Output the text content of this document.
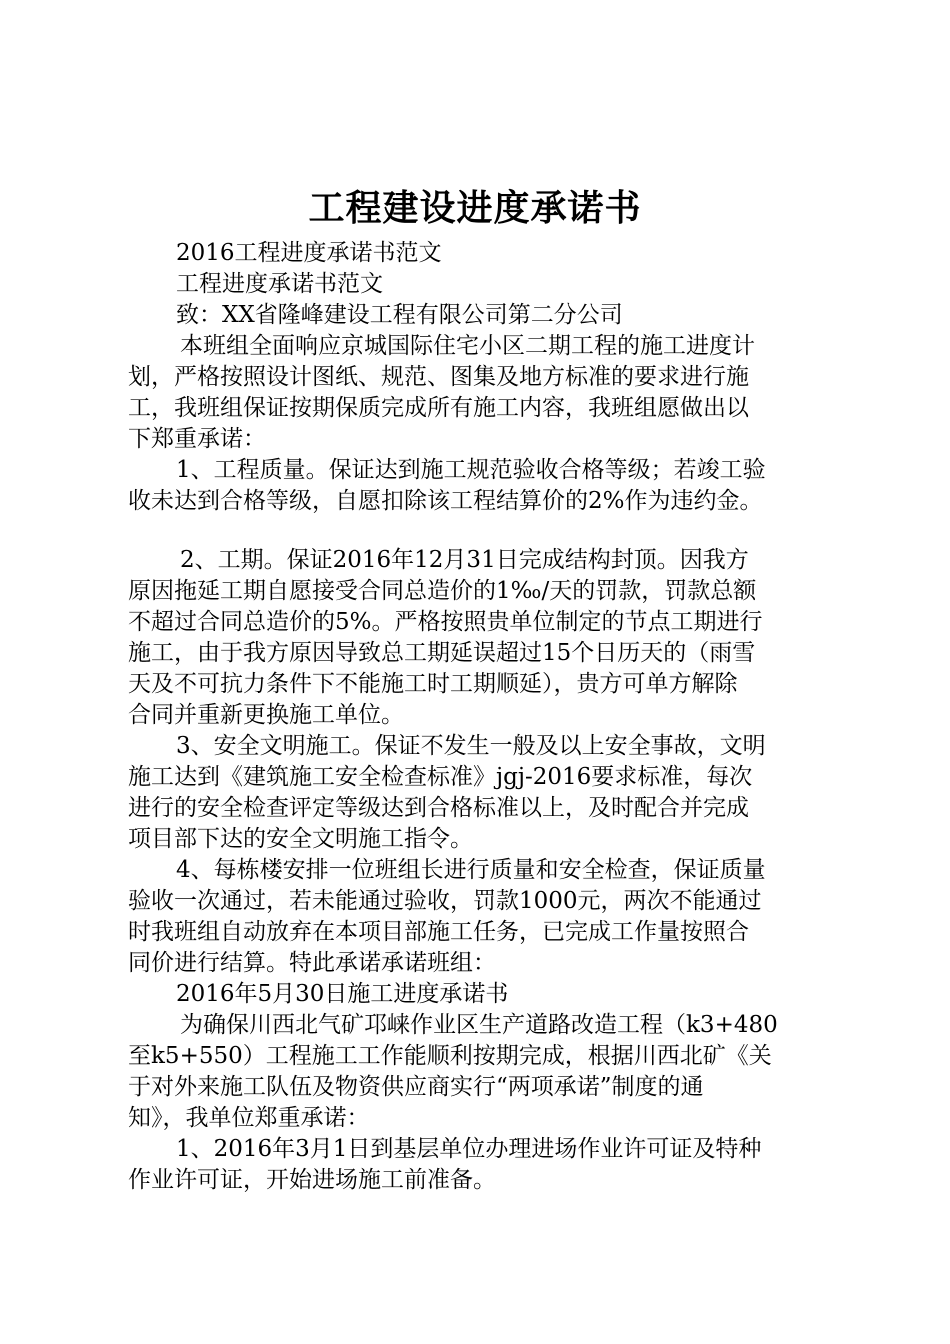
工程建设进度承诺书
2016工程进度承诺书范文
工程进度承诺书范文
致：XX省隆峰建设工程有限公司第二分公司
本班组全面响应京城国际住宅小区二期工程的施工进度计
划，严格按照设计图纸、规范、图集及地方标准的要求进行施
工，我班组保证按期保质完成所有施工内容，我班组愿做出以
下郑重承诺：
1、工程质量。保证达到施工规范验收合格等级；若竣工验
收未达到合格等级，自愿扣除该工程结算价的2%作为违约金。
2、工期。保证2016年12月31日完成结构封顶。因我方
原因拖延工期自愿接受合同总造价的1‰/天的罚款，罚款总额
不超过合同总造价的5%。严格按照贵单位制定的节点工期进行
施工，由于我方原因导致总工期延误超过15个日历天的（雨雪
天及不可抗力条件下不能施工时工期顺延），贵方可单方解除
合同并重新更换施工单位。
3、安全文明施工。保证不发生一般及以上安全事故，文明
施工达到《建筑施工安全检查标准》jgj-2016要求标准，每次
进行的安全检查评定等级达到合格标准以上，及时配合并完成
项目部下达的安全文明施工指令。
4、每栋楼安排一位班组长进行质量和安全检查，保证质量
验收一次通过，若未能通过验收，罚款1000元，两次不能通过
时我班组自动放弃在本项目部施工任务，已完成工作量按照合
同价进行结算。特此承诺承诺班组：
2016年5月30日施工进度承诺书
为确保川西北气矿邛崃作业区生产道路改造工程（k3+480
至k5+550）工程施工工作能顺利按期完成，根据川西北矿《关
于对外来施工队伍及物资供应商实行“两项承诺”制度的通
知》，我单位郑重承诺：
1、2016年3月1日到基层单位办理进场作业许可证及特种
作业许可证，开始进场施工前准备。
